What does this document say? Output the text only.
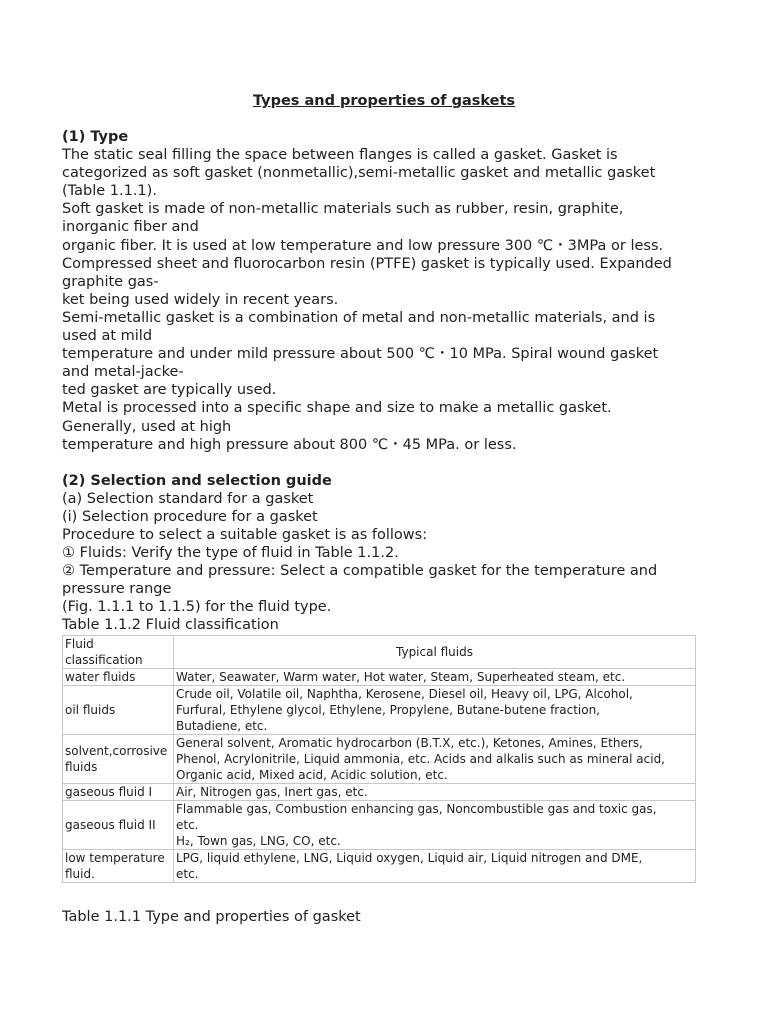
Types and properties of gaskets
(1) Type
The static seal filling the space between flanges is called a gasket. Gasket is
categorized as soft gasket (nonmetallic),semi-metallic gasket and metallic gasket
(Table 1.1.1).
Soft gasket is made of non-metallic materials such as rubber, resin, graphite,
inorganic fiber and
organic fiber. It is used at low temperature and low pressure 300 ℃・3MPa or less.
Compressed sheet and fluorocarbon resin (PTFE) gasket is typically used. Expanded
graphite gas-
ket being used widely in recent years.
Semi-metallic gasket is a combination of metal and non-metallic materials, and is
used at mild
temperature and under mild pressure about 500 ℃・10 MPa. Spiral wound gasket
and metal-jacke-
ted gasket are typically used.
Metal is processed into a specific shape and size to make a metallic gasket.
Generally, used at high
temperature and high pressure about 800 ℃・45 MPa. or less.
(2) Selection and selection guide
(a) Selection standard for a gasket
(i) Selection procedure for a gasket
Procedure to select a suitable gasket is as follows:
① Fluids: Verify the type of fluid in Table 1.1.2.
② Temperature and pressure: Select a compatible gasket for the temperature and
pressure range
(Fig. 1.1.1 to 1.1.5) for the fluid type.
Table 1.1.2 Fluid classification
Fluid
classification	Typical fluids

water fluids	Water, Seawater, Warm water, Hot water, Steam, Superheated steam, etc.

oil fluids	Crude oil, Volatile oil, Naphtha, Kerosene, Diesel oil, Heavy oil, LPG, Alcohol,
Furfural, Ethylene glycol, Ethylene, Propylene, Butane-butene fraction,
Butadiene, etc.

solvent,corrosive
fluids	General solvent, Aromatic hydrocarbon (B.T.X, etc.), Ketones, Amines, Ethers,
Phenol, Acrylonitrile, Liquid ammonia, etc. Acids and alkalis such as mineral acid,
Organic acid, Mixed acid, Acidic solution, etc.

gaseous fluid I	Air, Nitrogen gas, Inert gas, etc.

gaseous fluid II	Flammable gas, Combustion enhancing gas, Noncombustible gas and toxic gas,
etc.
H₂, Town gas, LNG, CO, etc.

low temperature
fluid.	LPG, liquid ethylene, LNG, Liquid oxygen, Liquid air, Liquid nitrogen and DME,
etc.

Table 1.1.1 Type and properties of gasket
